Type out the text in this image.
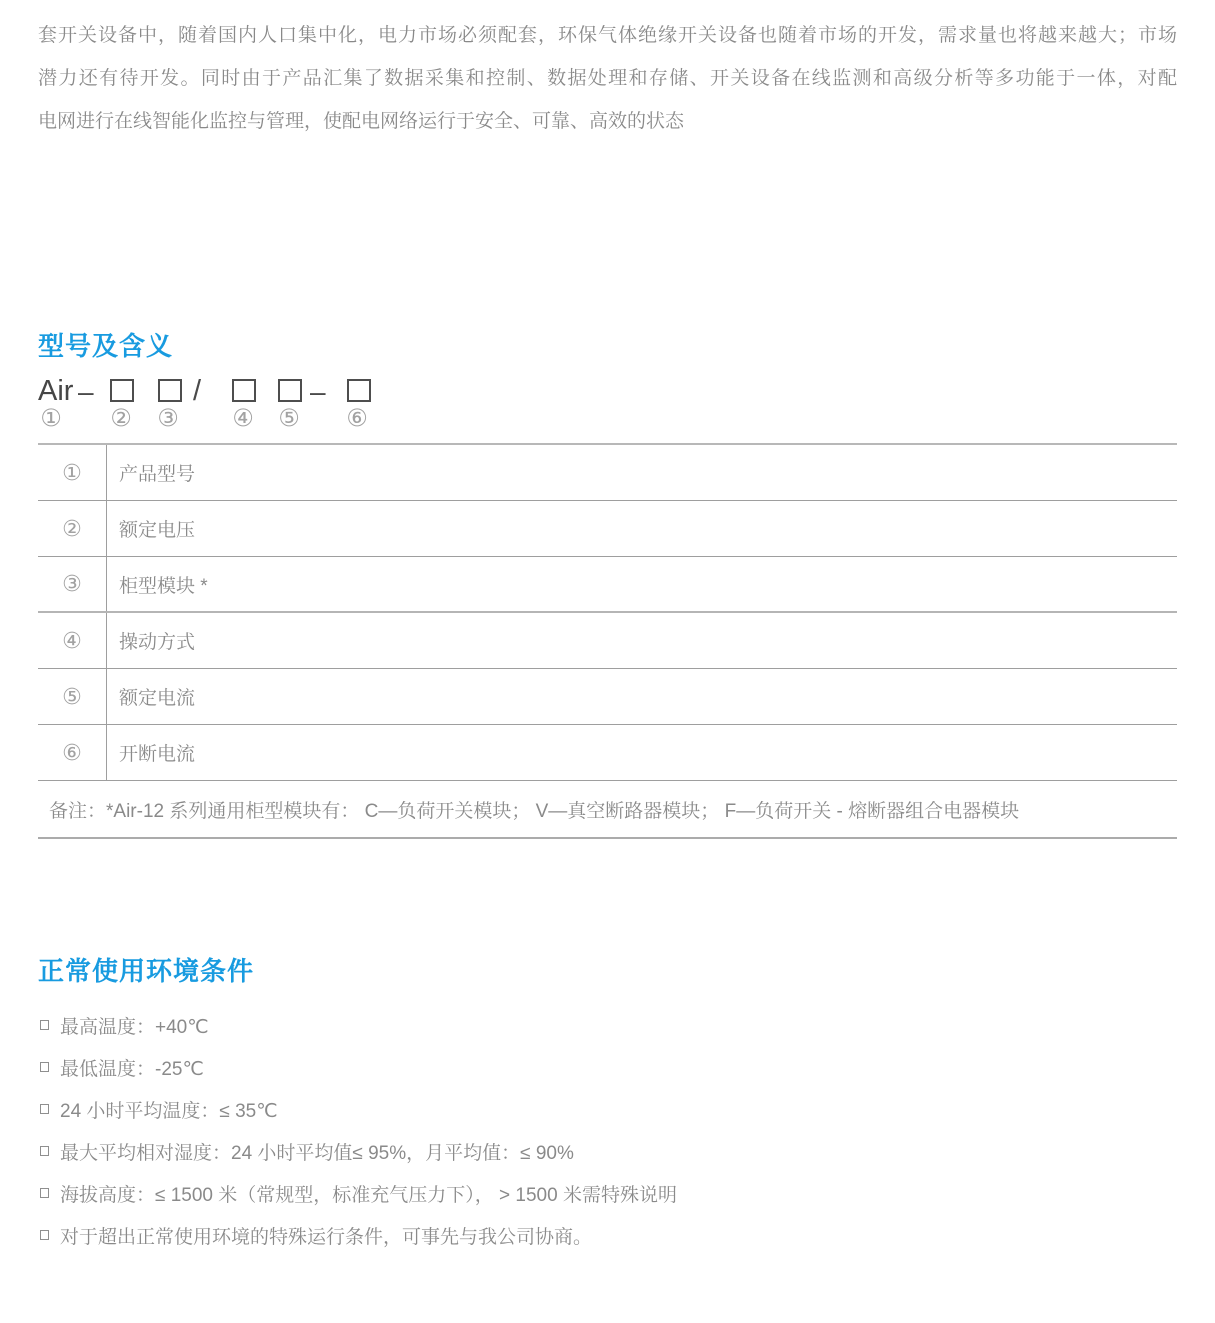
套开关设备中，随着国内人口集中化，电力市场必须配套，环保气体绝缘开关设备也随着市场的开发，需求量也将越来越大；市场
潜力还有待开发。同时由于产品汇集了数据采集和控制、数据处理和存储、开关设备在线监测和高级分析等多功能于一体，对配
电网进行在线智能化监控与管理，使配电网络运行于安全、可靠、高效的状态
型号及含义
Air –	/	–
① ② ③ ④ ⑤ ⑥
①	产品型号
②	额定电压
③	柜型模块 *
④	操动方式
⑤	额定电流
⑥	开断电流
备注：*Air-12 系列通用柜型模块有： C—负荷开关模块； V—真空断路器模块； F—负荷开关 - 熔断器组合电器模块
正常使用环境条件
最高温度：+40℃
最低温度：-25℃
24 小时平均温度：≤ 35℃
最大平均相对湿度：24 小时平均值≤ 95%，月平均值：≤ 90%
海拔高度：≤ 1500 米（常规型，标准充气压力下）， > 1500 米需特殊说明
对于超出正常使用环境的特殊运行条件，可事先与我公司协商。
